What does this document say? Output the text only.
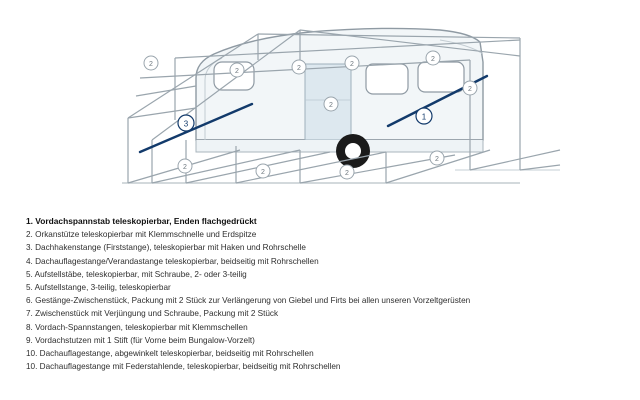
3
1
2
2	2
2
2
2
2
2
2	2
2
1. Vordachspannstab teleskopierbar, Enden flachgedrückt
2. Orkanstütze teleskopierbar mit Klemmschnelle und Erdspitze
3. Dachhakenstange (Firststange), teleskopierbar mit Haken und Rohrschelle
4. Dachauflagestange/Verandastange teleskopierbar, beidseitig mit Rohrschellen
5. Aufstellstäbe, teleskopierbar, mit Schraube, 2- oder 3-teilig
5. Aufstellstange, 3-teilig, teleskopierbar
6. Gestänge-Zwischenstück, Packung mit 2 Stück zur Verlängerung von Giebel und Firts bei allen unseren Vorzeltgerüsten
7. Zwischenstück mit Verjüngung und Schraube, Packung mit 2 Stück
8. Vordach-Spannstangen, teleskopierbar mit Klemmschellen
9. Vordachstutzen mit 1 Stift (für Vorne beim Bungalow-Vorzelt)
10. Dachauflagestange, abgewinkelt teleskopierbar, beidseitig mit Rohrschellen
10. Dachauflagestange mit Federstahlende, teleskopierbar, beidseitig mit Rohrschellen
